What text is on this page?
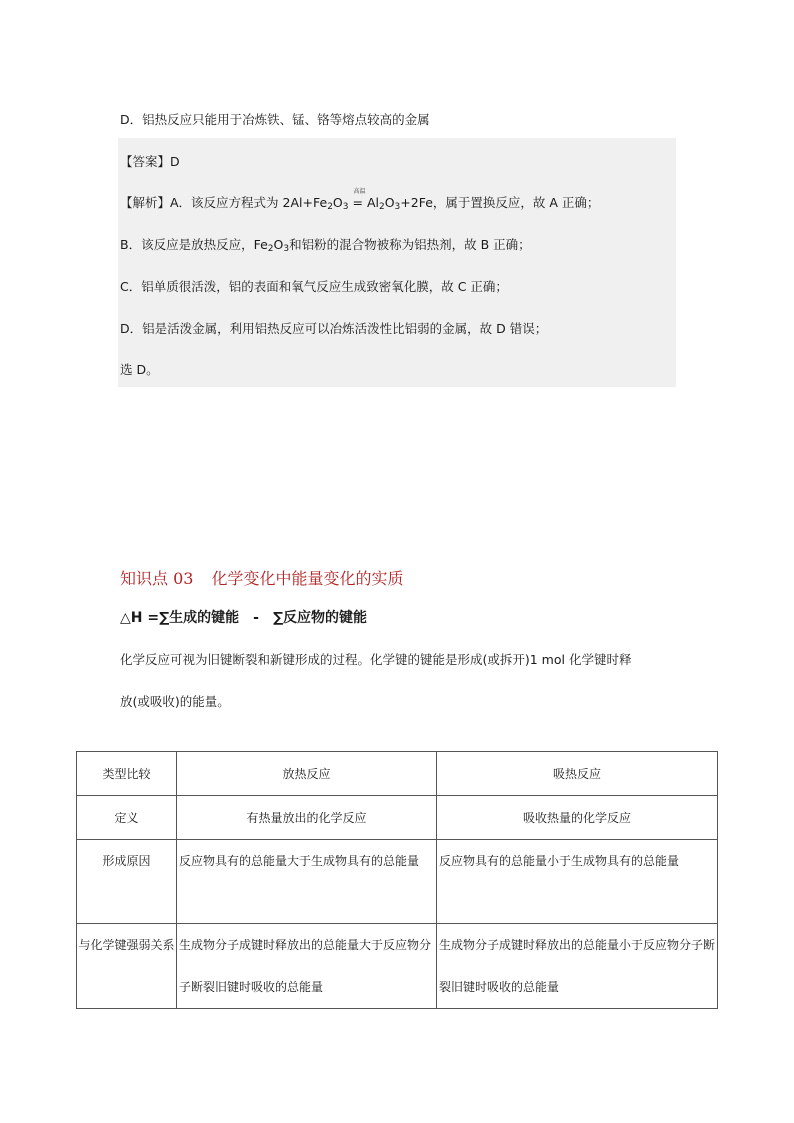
D．铝热反应只能用于冶炼铁、锰、铬等熔点较高的金属
【答案】D
【解析】A．该反应方程式为 $2Al+Fe_2O_3$
高温
= $Al_2O_3+2Fe$，属于置换反应，故 A 正确；
B．该反应是放热反应，$Fe_2O_3$和铝粉的混合物被称为铝热剂，故 B 正确；
C．铝单质很活泼，铝的表面和氧气反应生成致密氧化膜，故 C 正确；
D．铝是活泼金属，利用铝热反应可以冶炼活泼性比铝弱的金属，故 D 错误；
选 D。
知识点 03 化学变化中能量变化的实质
△H =∑生成的键能　-　∑反应物的键能
化学反应可视为旧键断裂和新键形成的过程。化学键的键能是形成(或拆开)1 mol 化学键时释
放(或吸收)的能量。
类型比较	放热反应	吸热反应
定义	有热量放出的化学反应	吸收热量的化学反应
形成原因	反应物具有的总能量大于生成物具有的总能量	反应物具有的总能量小于生成物具有的总能量
与化学键强弱关系	生成物分子成键时释放出的总能量大于反应物分子断裂旧键时吸收的总能量	生成物分子成键时释放出的总能量小于反应物分子断裂旧键时吸收的总能量
